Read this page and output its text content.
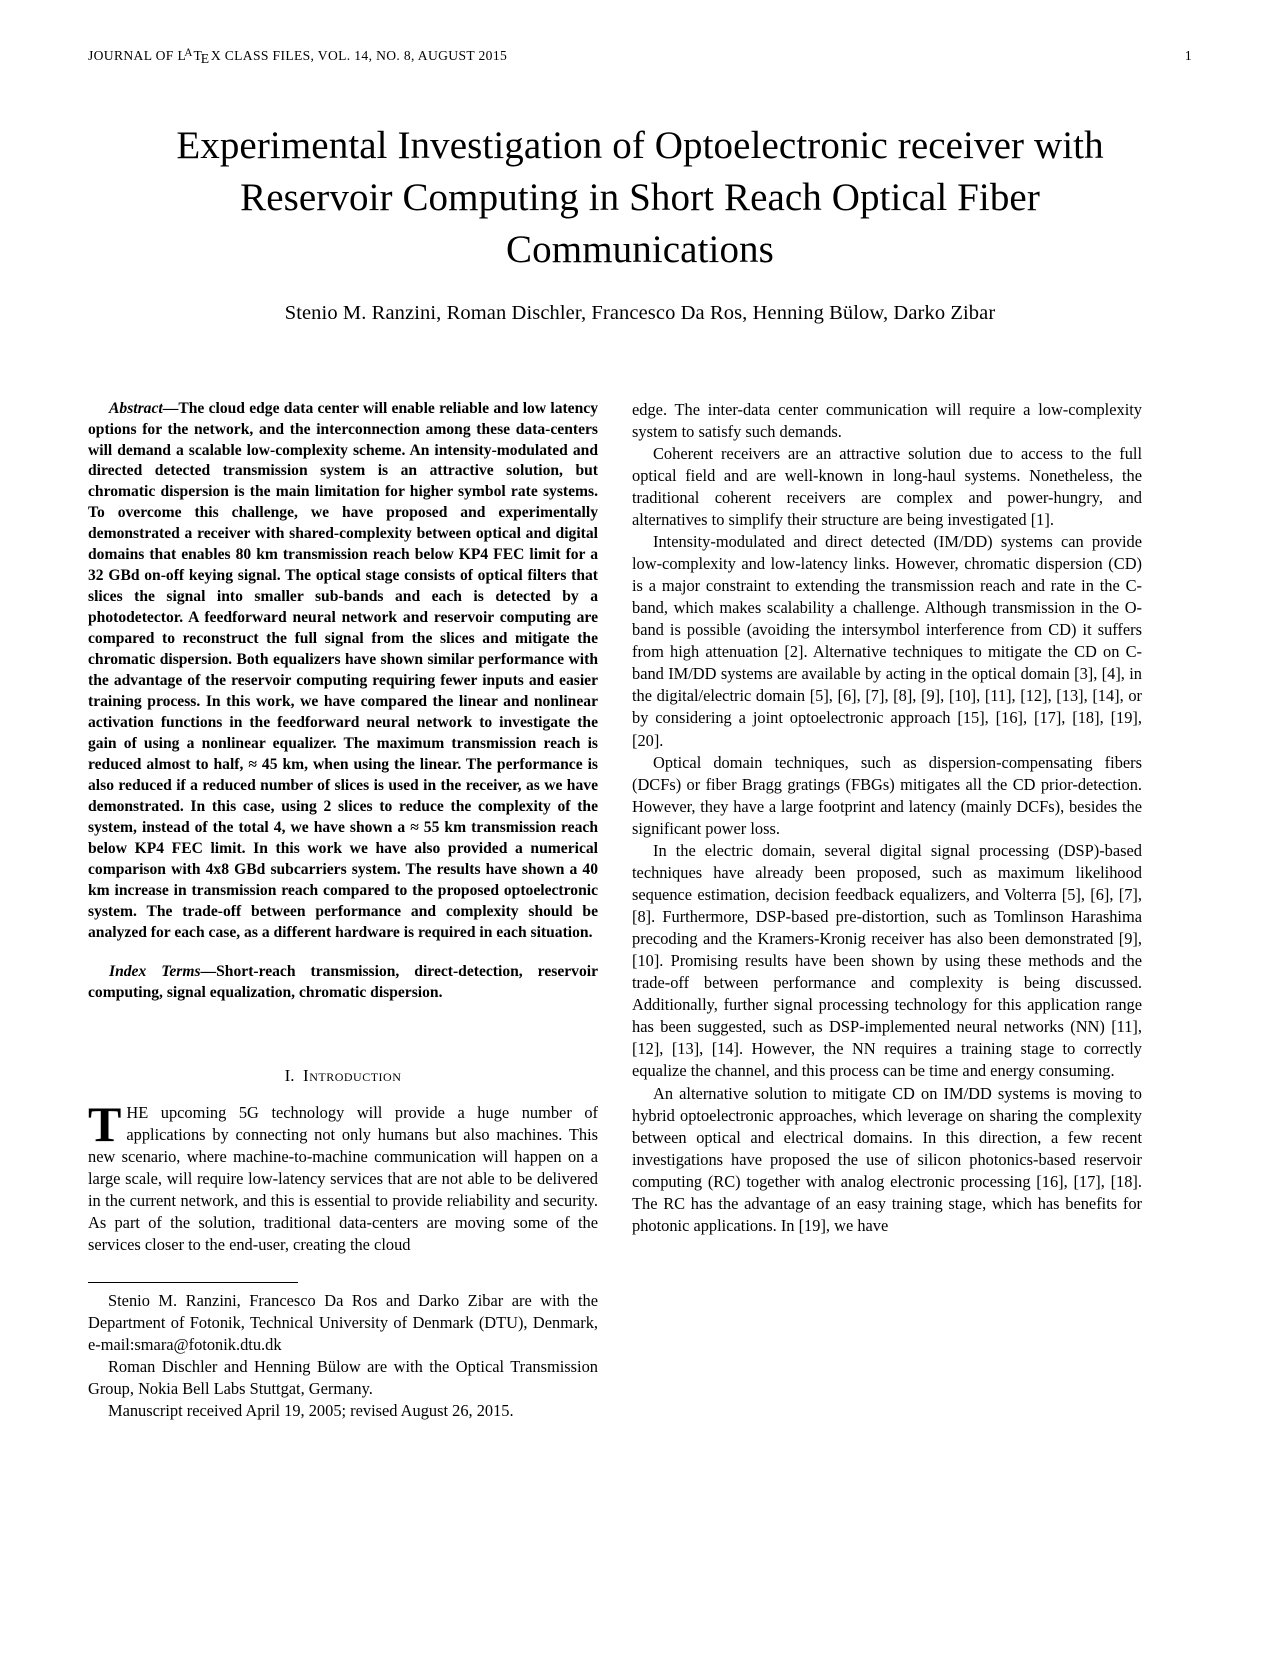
JOURNAL OF $L^A$ TEX CLASS FILES, VOL. 14, NO. 8, AUGUST 2015	1
Experimental Investigation of Optoelectronic receiver with Reservoir Computing in Short Reach Optical Fiber Communications
Stenio M. Ranzini, Roman Dischler, Francesco Da Ros, Henning Bülow, Darko Zibar

Abstract—The cloud edge data center will enable reliable and low latency options for the network, and the interconnection among these data-centers will demand a scalable low-complexity scheme. An intensity-modulated and directed detected transmission system is an attractive solution, but chromatic dispersion is the main limitation for higher symbol rate systems. To overcome this challenge, we have proposed and experimentally demonstrated a receiver with shared-complexity between optical and digital domains that enables 80 km transmission reach below KP4 FEC limit for a 32 GBd on-off keying signal. The optical stage consists of optical filters that slices the signal into smaller sub-bands and each is detected by a photodetector. A feedforward neural network and reservoir computing are compared to reconstruct the full signal from the slices and mitigate the chromatic dispersion. Both equalizers have shown similar performance with the advantage of the reservoir computing requiring fewer inputs and easier training process. In this work, we have compared the linear and nonlinear activation functions in the feedforward neural network to investigate the gain of using a nonlinear equalizer. The maximum transmission reach is reduced almost to half, ≈ 45 km, when using the linear. The performance is also reduced if a reduced number of slices is used in the receiver, as we have demonstrated. In this case, using 2 slices to reduce the complexity of the system, instead of the total 4, we have shown a ≈ 55 km transmission reach below KP4 FEC limit. In this work we have also provided a numerical comparison with 4x8 GBd subcarriers system. The results have shown a 40 km increase in transmission reach compared to the proposed optoelectronic system. The trade-off between performance and complexity should be analyzed for each case, as a different hardware is required in each situation.

Index Terms—Short-reach transmission, direct-detection, reservoir computing, signal equalization, chromatic dispersion.

I. Introduction

THE upcoming 5G technology will provide a huge number of applications by connecting not only humans but also machines. This new scenario, where machine-to-machine communication will happen on a large scale, will require low-latency services that are not able to be delivered in the current network, and this is essential to provide reliability and security. As part of the solution, traditional data-centers are moving some of the services closer to the end-user, creating the cloud

Stenio M. Ranzini, Francesco Da Ros and Darko Zibar are with the Department of Fotonik, Technical University of Denmark (DTU), Denmark, e-mail:smara@fotonik.dtu.dk

Roman Dischler and Henning Bülow are with the Optical Transmission Group, Nokia Bell Labs Stuttgat, Germany.

Manuscript received April 19, 2005; revised August 26, 2015.

edge. The inter-data center communication will require a low-complexity system to satisfy such demands.

Coherent receivers are an attractive solution due to access to the full optical field and are well-known in long-haul systems. Nonetheless, the traditional coherent receivers are complex and power-hungry, and alternatives to simplify their structure are being investigated [1].

Intensity-modulated and direct detected (IM/DD) systems can provide low-complexity and low-latency links. However, chromatic dispersion (CD) is a major constraint to extending the transmission reach and rate in the C-band, which makes scalability a challenge. Although transmission in the O-band is possible (avoiding the intersymbol interference from CD) it suffers from high attenuation [2]. Alternative techniques to mitigate the CD on C-band IM/DD systems are available by acting in the optical domain [3], [4], in the digital/electric domain [5], [6], [7], [8], [9], [10], [11], [12], [13], [14], or by considering a joint optoelectronic approach [15], [16], [17], [18], [19], [20].

Optical domain techniques, such as dispersion-compensating fibers (DCFs) or fiber Bragg gratings (FBGs) mitigates all the CD prior-detection. However, they have a large footprint and latency (mainly DCFs), besides the significant power loss.

In the electric domain, several digital signal processing (DSP)-based techniques have already been proposed, such as maximum likelihood sequence estimation, decision feedback equalizers, and Volterra [5], [6], [7], [8]. Furthermore, DSP-based pre-distortion, such as Tomlinson Harashima precoding and the Kramers-Kronig receiver has also been demonstrated [9], [10]. Promising results have been shown by using these methods and the trade-off between performance and complexity is being discussed. Additionally, further signal processing technology for this application range has been suggested, such as DSP-implemented neural networks (NN) [11], [12], [13], [14]. However, the NN requires a training stage to correctly equalize the channel, and this process can be time and energy consuming.

An alternative solution to mitigate CD on IM/DD systems is moving to hybrid optoelectronic approaches, which leverage on sharing the complexity between optical and electrical domains. In this direction, a few recent investigations have proposed the use of silicon photonics-based reservoir computing (RC) together with analog electronic processing [16], [17], [18]. The RC has the advantage of an easy training stage, which has benefits for photonic applications. In [19], we have
